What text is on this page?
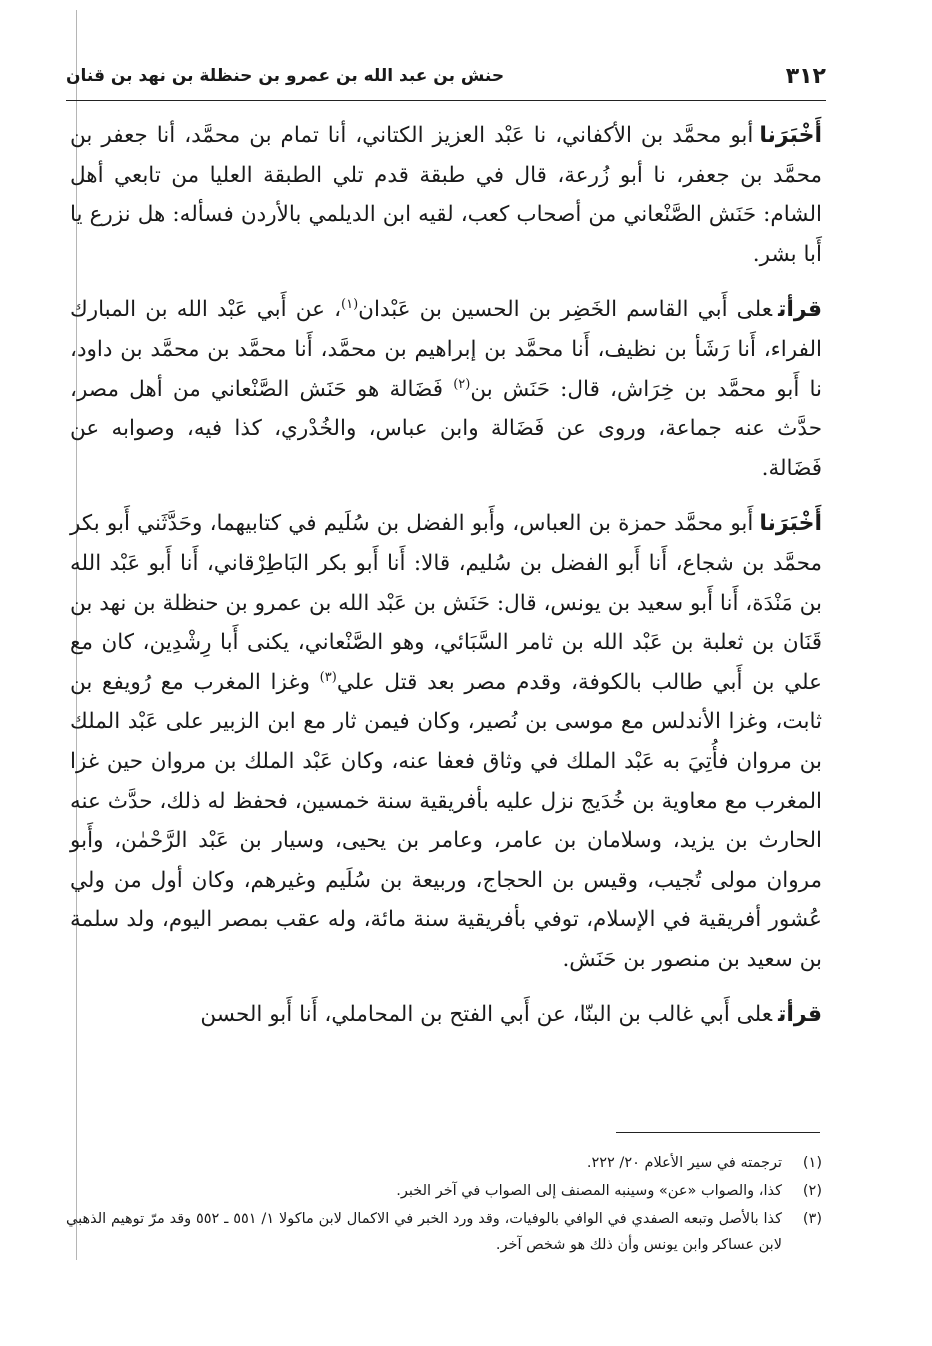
٣١٢
حنش بن عبد الله بن عمرو بن حنظلة بن نهد بن قنان

أَخْبَرَناأبو محمَّد بن الأكفاني، نا عَبْد العزيز الكتاني، أنا تمام بن محمَّد، أنا جعفر بن محمَّد بن جعفر، نا أبو زُرعة، قال في طبقة قدم تلي الطبقة العليا من تابعي أهل الشام: حَنَش الصَّنْعاني من أصحاب كعب، لقيه ابن الديلمي بالأردن فسأله: هل نزرع يا أَبا بشر.

قرأتعلى أَبي القاسم الخَضِر بن الحسين بن عَبْدان$^{(١)}$، عن أَبي عَبْد الله بن المبارك الفراء، أَنا رَشَأ بن نظيف، أَنا محمَّد بن إبراهيم بن محمَّد، أَنا محمَّد بن محمَّد بن داود، نا أَبو محمَّد بن خِرَاش، قال: حَنَش بن$^{(٢)}$ فَضَالة هو حَنَش الصَّنْعاني من أهل مصر، حدَّث عنه جماعة، وروى عن فَضَالة وابن عباس، والخُدْري، كذا فيه، وصوابه عن فَضَالة.

أَخْبَرَناأَبو محمَّد حمزة بن العباس، وأَبو الفضل بن سُلَيم في كتابيهما، وحَدَّثَني أَبو بكر محمَّد بن شجاع، أَنا أَبو الفضل بن سُليم، قالا: أَنا أَبو بكر البَاطِرْقاني، أَنا أَبو عَبْد الله بن مَنْدَة، أَنا أَبو سعيد بن يونس، قال: حَنَش بن عَبْد الله بن عمرو بن حنظلة بن نهد بن قَنَان بن ثعلبة بن عَبْد الله بن ثامر السَّبَائي، وهو الصَّنْعاني، يكنى أَبا رِشْدِين، كان مع علي بن أَبي طالب بالكوفة، وقدم مصر بعد قتل علي$^{(٣)}$ وغزا المغرب مع رُويفع بن ثابت، وغزا الأندلس مع موسى بن نُصير، وكان فيمن ثار مع ابن الزبير على عَبْد الملك بن مروان فأُتِيَ به عَبْد الملك في وثاق فعفا عنه، وكان عَبْد الملك بن مروان حين غزا المغرب مع معاوية بن خُدَيج نزل عليه بأفريقية سنة خمسين، فحفظ له ذلك، حدَّث عنه الحارث بن يزيد، وسلامان بن عامر، وعامر بن يحيى، وسيار بن عَبْد الرَّحْمٰن، وأَبو مروان مولى تُجيب، وقيس بن الحجاج، وربيعة بن سُلَيم وغيرهم، وكان أول من ولي عُشور أفريقية في الإسلام، توفي بأفريقية سنة مائة، وله عقب بمصر اليوم، ولد سلمة بن سعيد بن منصور بن حَنَش.

قرأتعلى أَبي غالب بن البنّا، عن أَبي الفتح بن المحاملي، أَنا أَبو الحسن

(١)
ترجمته في سير الأعلام ٢٠/ ٢٢٢.
(٢)
كذا، والصواب «عن» وسينبه المصنف إلى الصواب في آخر الخبر.
(٣)
كذا بالأصل وتبعه الصفدي في الوافي بالوفيات، وقد ورد الخبر في الاكمال لابن ماكولا ١/ ٥٥١ ـ ٥٥٢ وقد مرّ توهيم الذهبي لابن عساكر وابن يونس وأن ذلك هو شخص آخر.
